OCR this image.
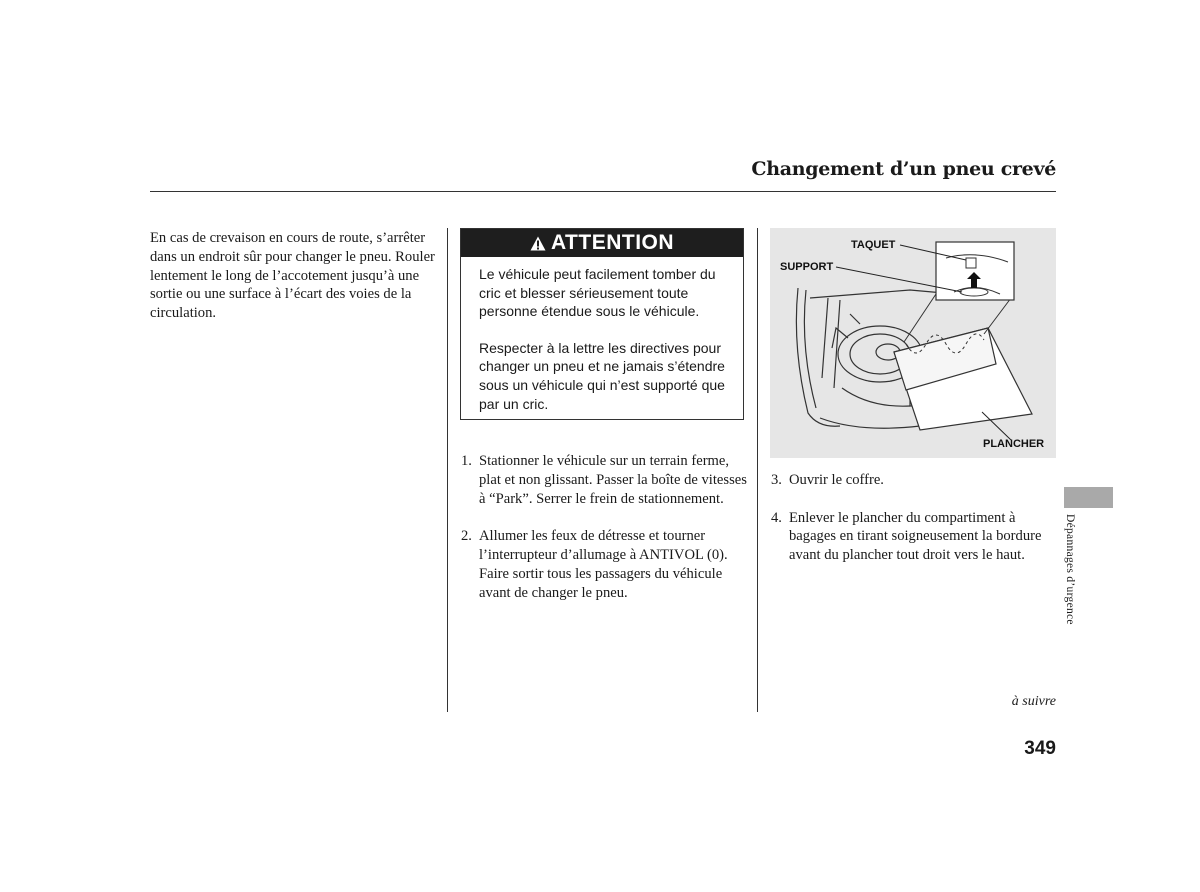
Changement d’un pneu crevé
En cas de crevaison en cours de route, s’arrêter dans un endroit sûr pour changer le pneu. Rouler lentement le long de l’accotement jusqu’à une sortie ou une surface à l’écart des voies de la circulation.
ATTENTION

Le véhicule peut facilement tomber du cric et blesser sérieusement toute personne étendue sous le véhicule.

Respecter à la lettre les directives pour changer un pneu et ne jamais s’étendre sous un véhicule qui n’est supporté que par un cric.

1. Stationner le véhicule sur un terrain ferme, plat et non glissant. Passer la boîte de vitesses à “Park”. Serrer le frein de stationnement.
2. Allumer les feux de détresse et tourner l’interrupteur d’allumage à ANTIVOL (0). Faire sortir tous les passagers du véhicule avant de changer le pneu.
TAQUET
SUPPORT
PLANCHER
3. Ouvrir le coffre.
4. Enlever le plancher du compartiment à bagages en tirant soigneusement la bordure avant du plancher tout droit vers le haut.	Dépannages d’urgence
à suivre
349
